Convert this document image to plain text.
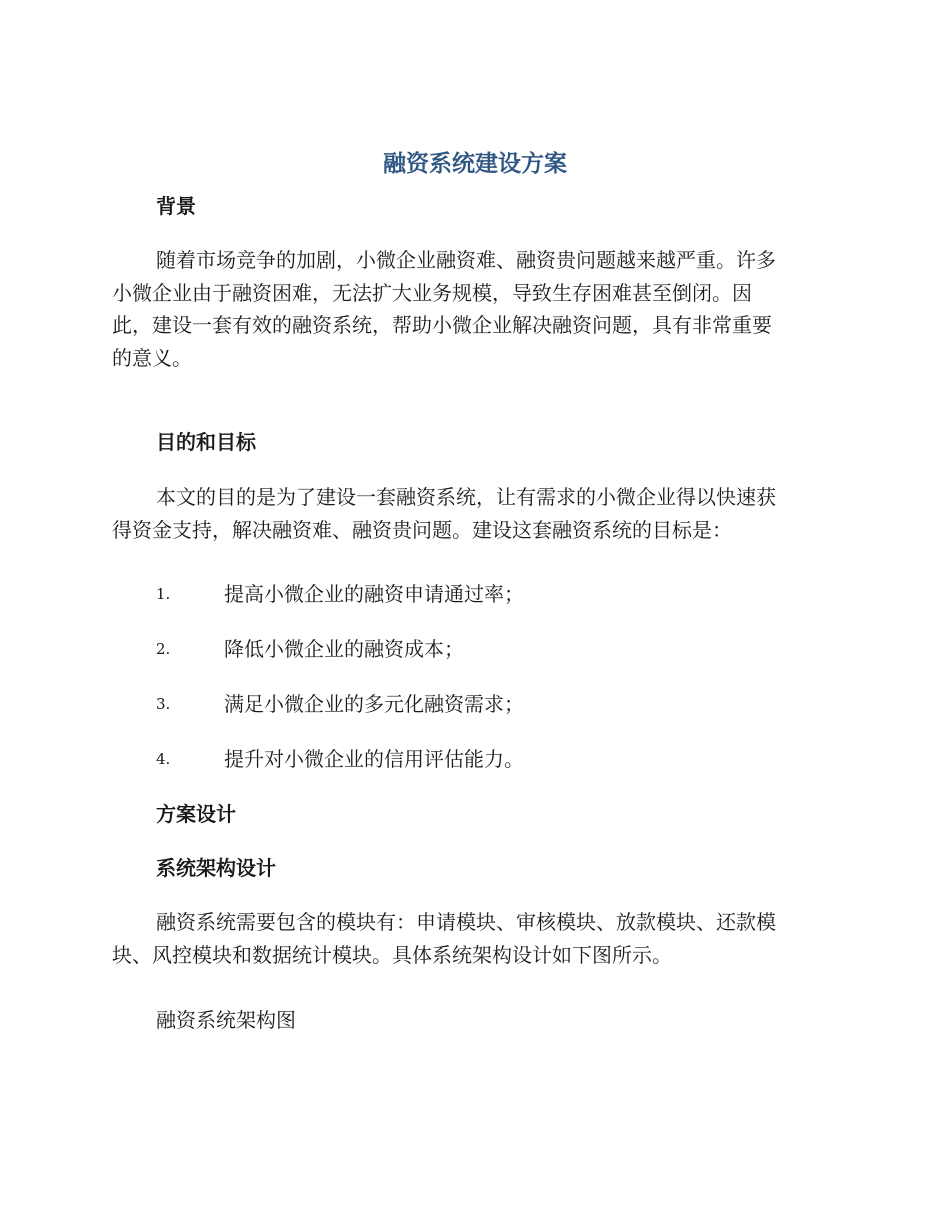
融资系统建设方案
背景
随着市场竞争的加剧，小微企业融资难、融资贵问题越来越严重。许多
小微企业由于融资困难，无法扩大业务规模，导致生存困难甚至倒闭。因
此，建设一套有效的融资系统，帮助小微企业解决融资问题，具有非常重要
的意义。
目的和目标
本文的目的是为了建设一套融资系统，让有需求的小微企业得以快速获
得资金支持，解决融资难、融资贵问题。建设这套融资系统的目标是：
1.	提高小微企业的融资申请通过率；
2.	降低小微企业的融资成本；
3.	满足小微企业的多元化融资需求；
4.	提升对小微企业的信用评估能力。
方案设计
系统架构设计
融资系统需要包含的模块有：申请模块、审核模块、放款模块、还款模
块、风控模块和数据统计模块。具体系统架构设计如下图所示。
融资系统架构图
